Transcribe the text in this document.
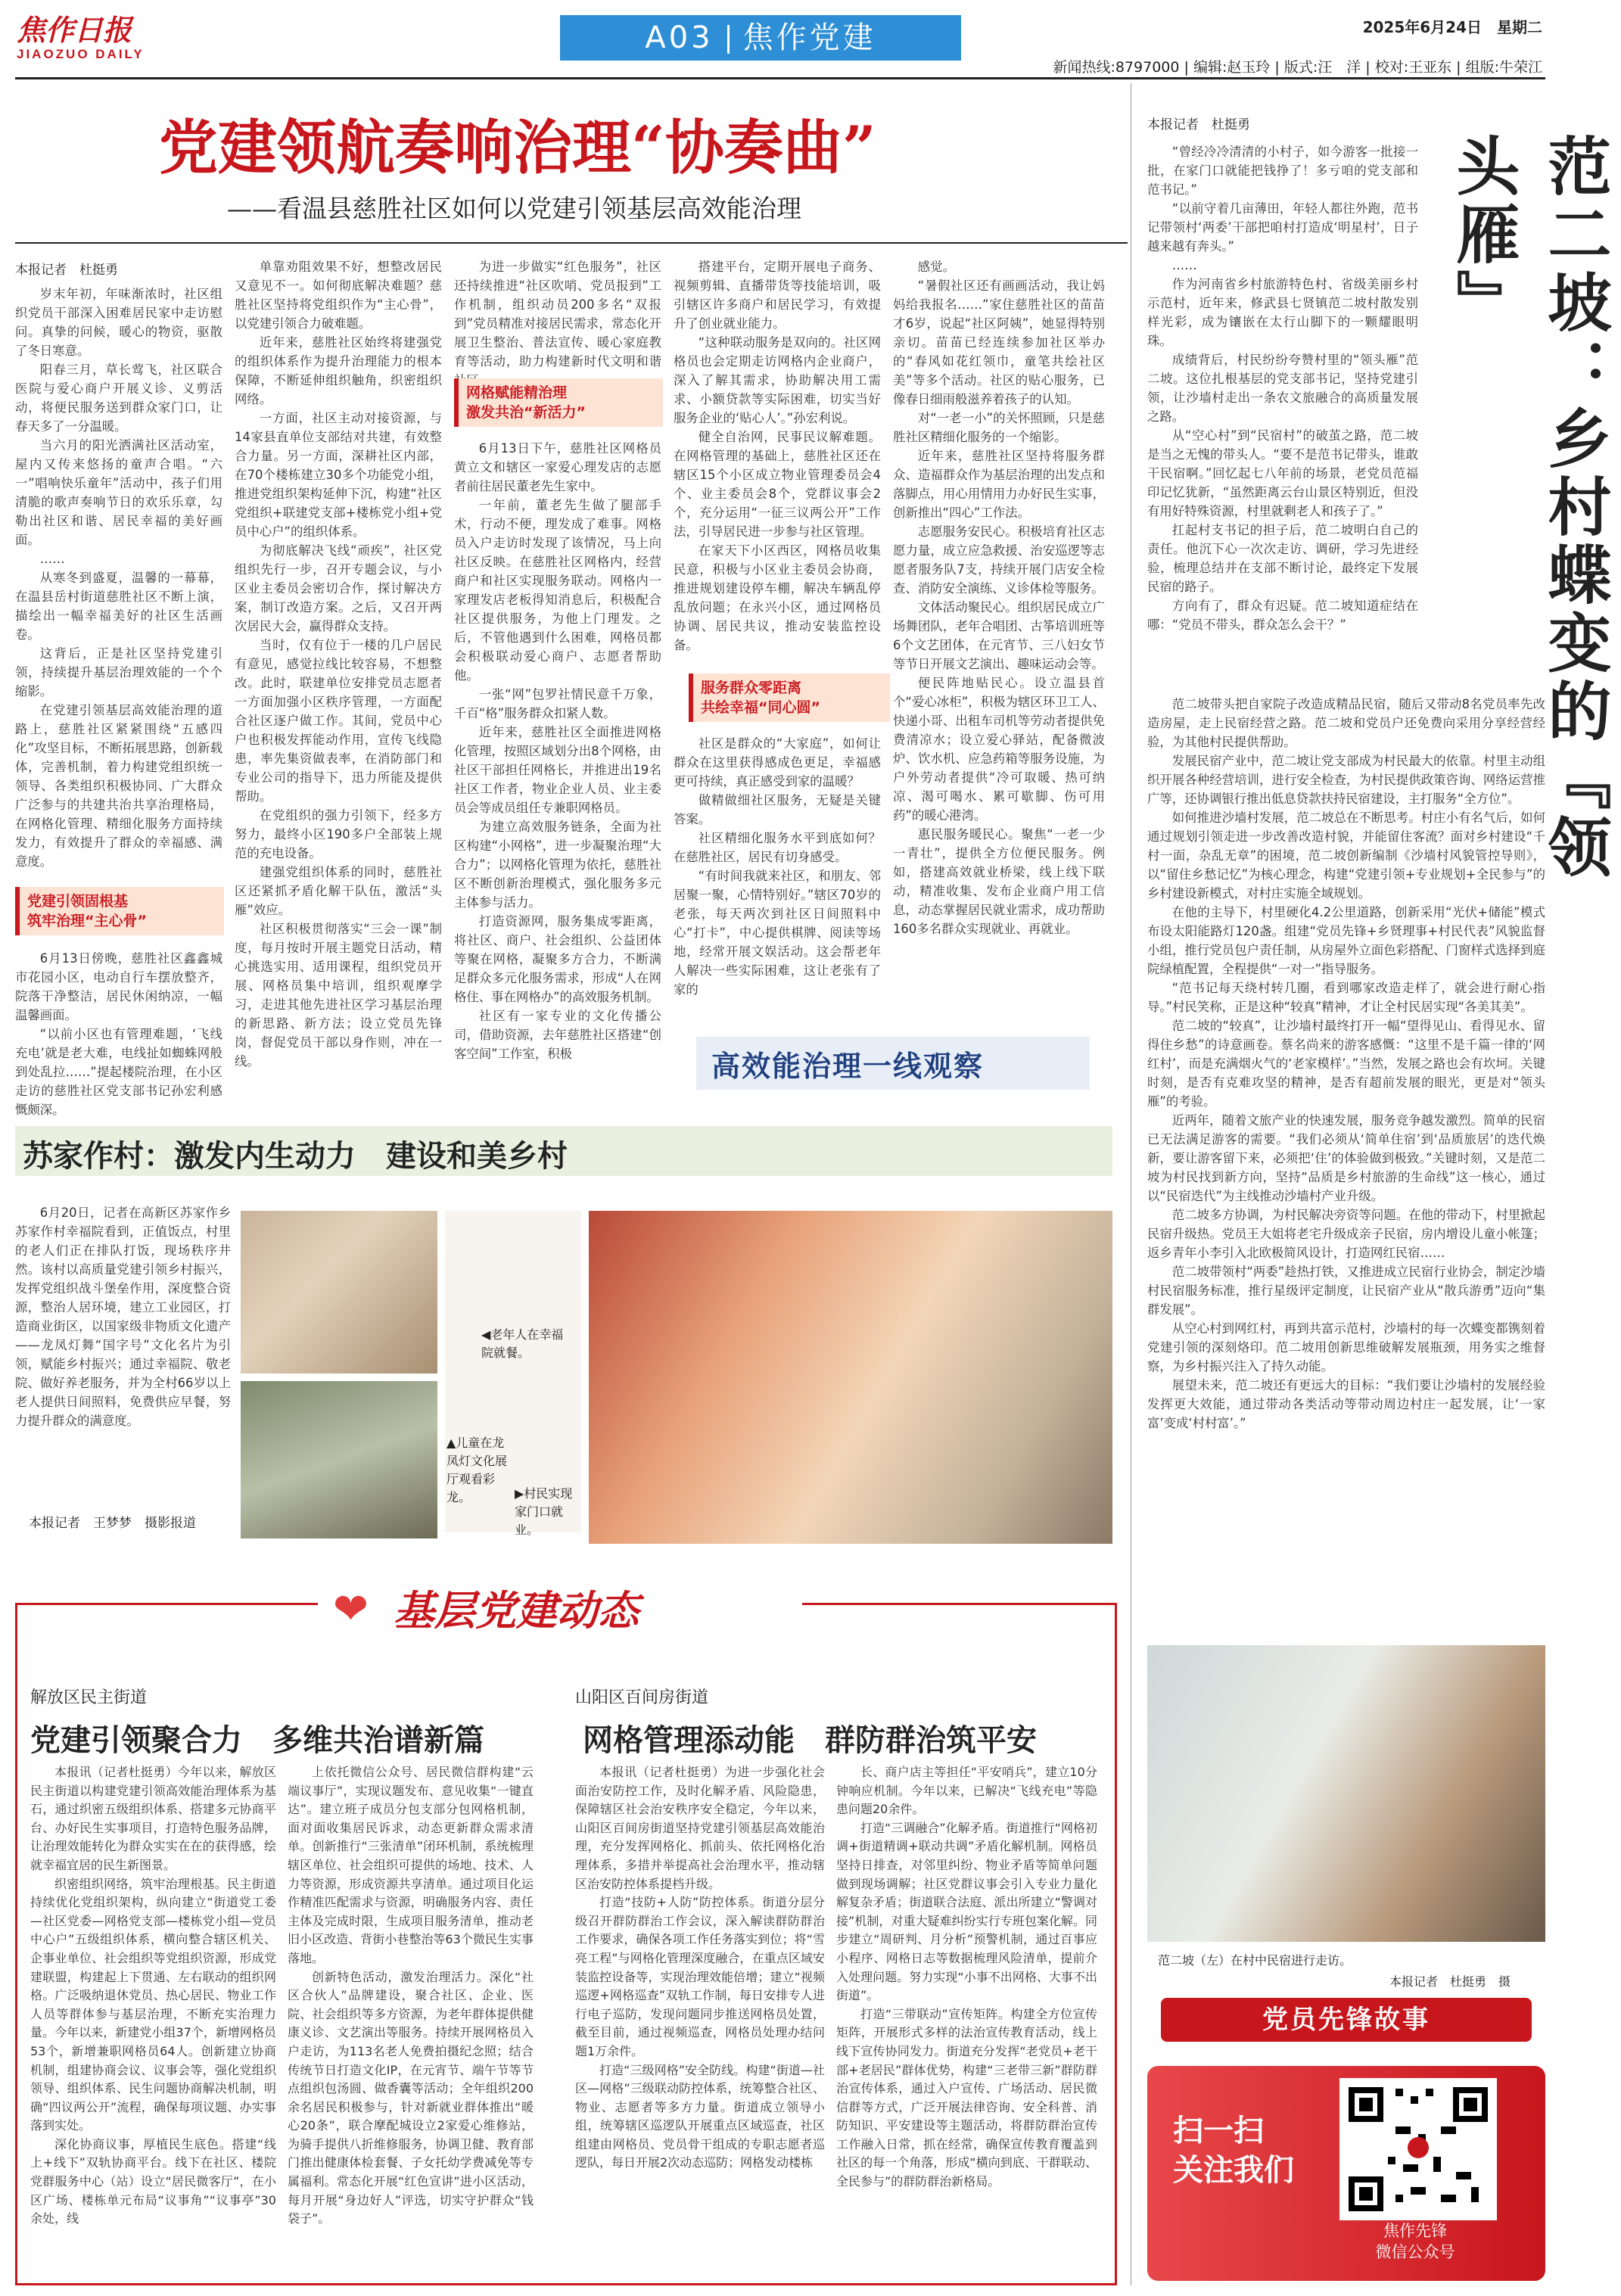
焦作日报
JIAOZUO DAILY	A03 焦作党建	2025年6月24日　星期二
新闻热线:8797000 | 编辑:赵玉玲 | 版式:汪　洋 | 校对:王亚东 | 组版:牛荣江
党建领航奏响治理“协奏曲”
——看温县慈胜社区如何以党建引领基层高效能治理
本报记者　杜挺勇

岁末年初，年味渐浓时，社区组织党员干部深入困难居民家中走访慰问。真挚的问候，暖心的物资，驱散了冬日寒意。

阳春三月，草长莺飞，社区联合医院与爱心商户开展义诊、义剪活动，将便民服务送到群众家门口，让春天多了一分温暖。

当六月的阳光洒满社区活动室，屋内又传来悠扬的童声合唱。“六一”唱响快乐童年”活动中，孩子们用清脆的歌声奏响节日的欢乐乐章，勾勒出社区和谐、居民幸福的美好画面。

……

从寒冬到盛夏，温馨的一幕幕，在温县岳村街道慈胜社区不断上演，描绘出一幅幸福美好的社区生活画卷。

这背后，正是社区坚持党建引领，持续提升基层治理效能的一个个缩影。

在党建引领基层高效能治理的道路上，慈胜社区紧紧围绕“五感四化”攻坚目标，不断拓展思路，创新载体，完善机制，着力构建党组织统一领导、各类组织积极协同、广大群众广泛参与的共建共治共享治理格局，在网格化管理、精细化服务方面持续发力，有效提升了群众的幸福感、满意度。

党建引领固根基
筑牢治理“主心骨”

6月13日傍晚，慈胜社区鑫鑫城市花园小区，电动自行车摆放整齐，院落干净整洁，居民休闲纳凉，一幅温馨画面。

“以前小区也有管理难题，‘飞线充电’就是老大难，电线扯如蜘蛛网般到处乱拉……”提起楼院治理，在小区走访的慈胜社区党支部书记孙宏利感慨颇深。

单靠劝阻效果不好，想整改居民又意见不一。如何彻底解决难题？慈胜社区坚持将党组织作为“主心骨”，以党建引领合力破难题。

近年来，慈胜社区始终将建强党的组织体系作为提升治理能力的根本保障，不断延伸组织触角，织密组织网络。

一方面，社区主动对接资源，与14家县直单位支部结对共建，有效整合力量。另一方面，深耕社区内部，在70个楼栋建立30多个功能党小组，推进党组织架构延伸下沉，构建“社区党组织+联建党支部+楼栋党小组+党员中心户”的组织体系。

为彻底解决飞线“顽疾”，社区党组织先行一步，召开专题会议，与小区业主委员会密切合作，探讨解决方案，制订改造方案。之后，又召开两次居民大会，赢得群众支持。

当时，仅有位于一楼的几户居民有意见，感觉拉线比较容易，不想整改。此时，联建单位安排党员志愿者一方面加强小区秩序管理，一方面配合社区逐户做工作。其间，党员中心户也积极发挥能动作用，宣传飞线隐患，率先集资做表率，在消防部门和专业公司的指导下，迅力所能及提供帮助。

在党组织的强力引领下，经多方努力，最终小区190多户全部装上规范的充电设备。

建强党组织体系的同时，慈胜社区还紧抓矛盾化解干队伍，激活“头雁”效应。

社区积极贯彻落实“三会一课”制度，每月按时开展主题党日活动，精心挑选实用、适用课程，组织党员开展、网格员集中培训，组织观摩学习，走进其他先进社区学习基层治理的新思路、新方法；设立党员先锋岗，督促党员干部以身作则，冲在一线。

为进一步做实“红色服务”，社区还持续推进“社区吹哨、党员报到”工作机制，组织动员200多名“双报到”党员精准对接居民需求，常态化开展卫生整治、普法宣传、暖心家庭教育等活动，助力构建新时代文明和谐

网格赋能精治理
激发共治“新活力”

6月13日下午，慈胜社区网格员黄立文和辖区一家爱心理发店的志愿者前往居民董老先生家中。

一年前，董老先生做了腿部手术，行动不便，理发成了难事。网格员入户走访时发现了该情况，马上向社区反映。在慈胜社区网格内，经营商户和社区实现服务联动。网格内一家理发店老板得知消息后，积极配合社区提供服务，为他上门理发。之后，不管他遇到什么困难，网格员都会积极联动爱心商户、志愿者帮助他。

一张“网”包罗社情民意千万象，千百“格”服务群众扣紧人数。

近年来，慈胜社区全面推进网格化管理，按照区域划分出8个网格，由社区干部担任网格长，并推进出19名社区工作者，物业企业人员、业主委员会等成员组任专兼职网格员。

为建立高效服务链条，全面为社区构建“小网格”，进一步凝聚治理“大合力”；以网格化管理为依托，慈胜社区不断创新治理模式，强化服务多元主体参与活力。

打造资源网，服务集成零距离，将社区、商户、社会组织、公益团体等聚在网格，凝聚多方合力，不断满足群众多元化服务需求，形成“人在网格住、事在网格办”的高效服务机制。

社区有一家专业的文化传播公司，借助资源，去年慈胜社区搭建“创客空间”工作室，积极

搭建平台，定期开展电子商务、视频剪辑、直播带货等技能培训，吸引辖区许多商户和居民学习，有效提升了创业就业能力。

“这种联动服务是双向的。社区网格员也会定期走访网格内企业商户，深入了解其需求，协助解决用工需求、小额贷款等实际困难，切实当好服务企业的‘贴心人’。”孙宏利说。

健全自治网，民事民议解难题。在网格管理的基础上，慈胜社区还在辖区15个小区成立物业管理委员会4个、业主委员会8个，党群议事会2个，充分运用“一征三议两公开”工作法，引导居民进一步参与社区管理。

在家天下小区西区，网格员收集民意，积极与小区业主委员会协商，推进规划建设停车棚，解决车辆乱停乱放问题；在永兴小区，通过网格员协调、居民共议，推动安装监控设备。

服务群众零距离
共绘幸福“同心圆”

社区是群众的“大家庭”，如何让群众在这里获得感成色更足，幸福感更可持续，真正感受到家的温暖？

做精做细社区服务，无疑是关键答案。

社区精细化服务水平到底如何？在慈胜社区，居民有切身感受。

“有时间我就来社区，和朋友、邻居聚一聚，心情特别好。”辖区70岁的老张，每天两次到社区日间照料中心“打卡”，中心提供棋牌、阅读等场地，经常开展文娱活动。这会帮老年人解决一些实际困难，这让老张有了家的

感觉。

“暑假社区还有画画活动，我让妈妈给我报名……”家住慈胜社区的苗苗才6岁，说起“社区阿姨”，她显得特别亲切。苗苗已经连续参加社区举办的“春风如花红领巾，童笔共绘社区美”等多个活动。社区的贴心服务，已像春日细雨般滋养着孩子的认知。

对“一老一小”的关怀照顾，只是慈胜社区精细化服务的一个缩影。

近年来，慈胜社区坚持将服务群众、造福群众作为基层治理的出发点和落脚点，用心用情用力办好民生实事，创新推出“四心”工作法。

志愿服务安民心。积极培育社区志愿力量，成立应急救援、治安巡逻等志愿者服务队7支，持续开展门店安全检查、消防安全演练、义诊体检等服务。

文体活动聚民心。组织居民成立广场舞团队，老年合唱团、古筝培训班等6个文艺团体，在元宵节、三八妇女节等节日开展文艺演出、趣味运动会等。

便民阵地贴民心。设立温县首个“爱心冰柜”，积极为辖区环卫工人、快递小哥、出租车司机等劳动者提供免费清凉水；设立爱心驿站，配备微波炉、饮水机、应急药箱等服务设施，为户外劳动者提供“冷可取暖、热可纳凉、渴可喝水、累可歇脚、伤可用药”的暖心港湾。

惠民服务暖民心。聚焦“一老一少一青壮”，提供全方位便民服务。例如，搭建高效就业桥梁，线上线下联动，精准收集、发布企业商户用工信息，动态掌握居民就业需求，成功帮助160多名群众实现就业、再就业。

高效能治理一线观察
苏家作村：激发内生动力　建设和美乡村

6月20日，记者在高新区苏家作乡苏家作村幸福院看到，正值饭点，村里的老人们正在排队打饭，现场秩序井然。该村以高质量党建引领乡村振兴，发挥党组织战斗堡垒作用，深度整合资源，整治人居环境，建立工业园区，打造商业街区，以国家级非物质文化遗产——龙凤灯舞“国字号”文化名片为引领，赋能乡村振兴；通过幸福院、敬老院、做好养老服务，并为全村66岁以上老人提供日间照料，免费供应早餐，努力提升群众的满意度。

本报记者　王梦梦　摄影报道
◀老年人在幸福院就餐。
▲儿童在龙凤灯文化展厅观看彩龙。	▶村民实现家门口就业。
❤ 基层党建动态
解放区民主街道
党建引领聚合力　多维共治谱新篇

本报讯（记者杜挺勇）今年以来，解放区民主街道以构建党建引领高效能治理体系为基石，通过织密五级组织体系、搭建多元协商平台、办好民生实事项目，打造特色服务品牌，让治理效能转化为群众实实在在的获得感，绘就幸福宜居的民生新图景。

织密组织网络，筑牢治理根基。民主街道持续优化党组织架构，纵向建立“街道党工委—社区党委—网格党支部—楼栋党小组—党员中心户”五级组织体系，横向整合辖区机关、企事业单位、社会组织等党组织资源，形成党建联盟，构建起上下贯通、左右联动的组织网格。广泛吸纳退休党员、热心居民、物业工作人员等群体参与基层治理，不断充实治理力量。今年以来，新建党小组37个，新增网格员53个，新增兼职网格员64人。创新建立协商机制，组建协商会议、议事会等，强化党组织领导、组织体系、民生问题协商解决机制，明确“四议两公开”流程，确保每项议题、办实事落到实处。

深化协商议事，厚植民生底色。搭建“线上+线下”双轨协商平台。线下在社区、楼院党群服务中心（站）设立“居民微客厅”，在小区广场、楼栋单元布局“议事角”“议事亭”30余处，线

上依托微信公众号、居民微信群构建“云端议事厅”，实现议题发布、意见收集“一键直达”。建立班子成员分包支部分包网格机制，面对面收集居民诉求，动态更新群众需求清单。创新推行“三张清单”闭环机制，系统梳理辖区单位、社会组织可提供的场地、技术、人力等资源，形成资源共享清单。通过项目化运作精准匹配需求与资源，明确服务内容、责任主体及完成时限，生成项目服务清单，推动老旧小区改造、背街小巷整治等63个微民生实事落地。

创新特色活动，激发治理活力。深化“社区合伙人”品牌建设，聚合社区、企业、医院、社会组织等多方资源，为老年群体提供健康义诊、文艺演出等服务。持续开展网格员入户走访，为113名老人免费拍摄纪念照；结合传统节日打造文化IP，在元宵节、端午节等节点组织包汤圆、做香囊等活动；全年组织200余名居民积极参与，针对新就业群体推出“暖心20条”，联合摩配城设立2家爱心维修站，为骑手提供八折维修服务，协调卫健、教育部门推出健康体检套餐、子女托幼学费减免等专属福利。常态化开展“红色宣讲”进小区活动，每月开展“身边好人”评选，切实守护群众“钱袋子”。

山阳区百间房街道
网格管理添动能　群防群治筑平安

本报讯（记者杜挺勇）为进一步强化社会面治安防控工作，及时化解矛盾、风险隐患，保障辖区社会治安秩序安全稳定，今年以来，山阳区百间房街道坚持党建引领基层高效能治理，充分发挥网格化、抓前头、依托网格化治理体系，多措并举提高社会治理水平，推动辖区治安防控体系提档升级。

打造“技防+人防”防控体系。街道分层分级召开群防群治工作会议，深入解读群防群治工作要求，确保各项工作任务落实到位；将“雪亮工程”与网格化管理深度融合，在重点区域安装监控设备等，实现治理效能倍增；建立“视频巡逻+网格巡查”双轨工作制，每日安排专人进行电子巡防，发现问题同步推送网格员处置，截至目前，通过视频巡查，网格员处理办结问题1万余件。

打造“三级网格”安全防线。构建“街道—社区—网格”三级联动防控体系，统筹整合社区、物业、志愿者等多方力量。街道成立领导小组，统筹辖区巡逻队开展重点区域巡查，社区组建由网格员、党员骨干组成的专职志愿者巡逻队，每日开展2次动态巡防；网格发动楼栋

长、商户店主等担任“平安哨兵”，建立10分钟响应机制。今年以来，已解决“飞线充电”等隐患问题20余件。

打造“三调融合”化解矛盾。街道推行“网格初调+街道精调+联动共调”矛盾化解机制。网格员坚持日排查，对邻里纠纷、物业矛盾等简单问题做到现场调解；社区党群议事会引入专业力量化解复杂矛盾；街道联合法庭、派出所建立“警调对接”机制，对重大疑难纠纷实行专班包案化解。同步建立“周研判、月分析”预警机制，通过百事应小程序、网格日志等数据梳理风险清单，提前介入处理问题。努力实现“小事不出网格、大事不出街道”。

打造“三带联动”宣传矩阵。构建全方位宣传矩阵，开展形式多样的法治宣传教育活动，线上线下宣传协同发力。街道充分发挥“老党员+老干部+老居民”群体优势，构建“三老带三新”群防群治宣传体系，通过入户宣传、广场活动、居民微信群等方式，广泛开展法律咨询、安全科普、消防知识、平安建设等主题活动，将群防群治宣传工作融入日常，抓在经常，确保宣传教育覆盖到社区的每一个角落，形成“横向到底、干群联动、全民参与”的群防群治新格局。

本报记者　杜挺勇
范二坡：乡村蝶变的『领头雁』

“曾经冷冷清清的小村子，如今游客一批接一批，在家门口就能把钱挣了！多亏咱的党支部和范书记。”

“以前守着几亩薄田，年轻人都往外跑，范书记带领村‘两委’干部把咱村打造成‘明星村’，日子越来越有奔头。”

……

作为河南省乡村旅游特色村、省级美丽乡村示范村，近年来，修武县七贤镇范二坡村散发别样光彩，成为镶嵌在太行山脚下的一颗耀眼明珠。

成绩背后，村民纷纷夸赞村里的“领头雁”范二坡。这位扎根基层的党支部书记，坚持党建引领，让沙墙村走出一条农文旅融合的高质量发展之路。

从“空心村”到“民宿村”的破茧之路，范二坡是当之无愧的带头人。“要不是范书记带头，谁敢干民宿啊。”回忆起七八年前的场景，老党员范福印记忆犹新，“虽然距离云台山景区特别近，但没有用好特殊资源，村里就剩老人和孩子了。”

扛起村支书记的担子后，范二坡明白自己的责任。他沉下心一次次走访、调研，学习先进经验，梳理总结并在支部不断讨论，最终定下发展民宿的路子。

方向有了，群众有迟疑。范二坡知道症结在哪：“党员不带头，群众怎么会干？”

范二坡带头把自家院子改造成精品民宿，随后又带动8名党员率先改造房屋，走上民宿经营之路。范二坡和党员户还免费向采用分享经营经验，为其他村民提供帮助。

发展民宿产业中，范二坡让党支部成为村民最大的依靠。村里主动组织开展各种经营培训，进行安全检查，为村民提供政策咨询、网络运营推广等，还协调银行推出低息贷款扶持民宿建设，主打服务“全方位”。

如何推进沙墙村发展，范二坡总在不断思考。村庄小有名气后，如何通过规划引领走进一步改善改造村貌，并能留住客流？面对乡村建设“千村一面，杂乱无章”的困境，范二坡创新编制《沙墙村风貌管控导则》，以“留住乡愁记忆”为核心理念，构建“党建引领+专业规划+全民参与”的乡村建设新模式，对村庄实施全域规划。

在他的主导下，村里硬化4.2公里道路，创新采用“光伏+储能”模式布设太阳能路灯120盏。组建“党员先锋+乡贤理事+村民代表”风貌监督小组，推行党员包户责任制，从房屋外立面色彩搭配、门窗样式选择到庭院绿植配置，全程提供“一对一”指导服务。

“范书记每天绕村转几圈，看到哪家改造走样了，就会进行耐心指导。”村民笑称，正是这种“较真”精神，才让全村民居实现“各美其美”。

范二坡的“较真”，让沙墙村最终打开一幅“望得见山、看得见水、留得住乡愁”的诗意画卷。蔡名尚来的游客感慨：“这里不是千篇一律的‘网红村’，而是充满烟火气的‘老家模样’。”当然，发展之路也会有坎坷。关键时刻，是否有克难攻坚的精神，是否有超前发展的眼光，更是对“领头雁”的考验。

近两年，随着文旅产业的快速发展，服务竞争越发激烈。简单的民宿已无法满足游客的需要。“我们必须从‘简单住宿’到‘品质旅居’的迭代焕新，要让游客留下来，必须把‘住’的体验做到极致。”关键时刻，又是范二坡为村民找到新方向，坚持“品质是乡村旅游的生命线”这一核心，通过以“民宿迭代”为主线推动沙墙村产业升级。

范二坡多方协调，为村民解决旁资等问题。在他的带动下，村里掀起民宿升级热。党员王大姐将老宅升级成亲子民宿，房内增设儿童小帐篷；返乡青年小李引入北欧极简风设计，打造网红民宿……

范二坡带领村“两委”趁热打铁，又推进成立民宿行业协会，制定沙墙村民宿服务标准，推行星级评定制度，让民宿产业从“散兵游勇”迈向“集群发展”。

从空心村到网红村，再到共富示范村，沙墙村的每一次蝶变都镌刻着党建引领的深刻烙印。范二坡用创新思维破解发展瓶颈，用务实之维督察，为乡村振兴注入了持久动能。

展望未来，范二坡还有更远大的目标：“我们要让沙墙村的发展经验发挥更大效能，通过带动各类活动等带动周边村庄一起发展，让‘一家富’变成‘村村富’。”

范二坡（左）在村中民宿进行走访。
本报记者　杜挺勇　摄
党员先锋故事
扫一扫
关注我们
焦作先锋
微信公众号
